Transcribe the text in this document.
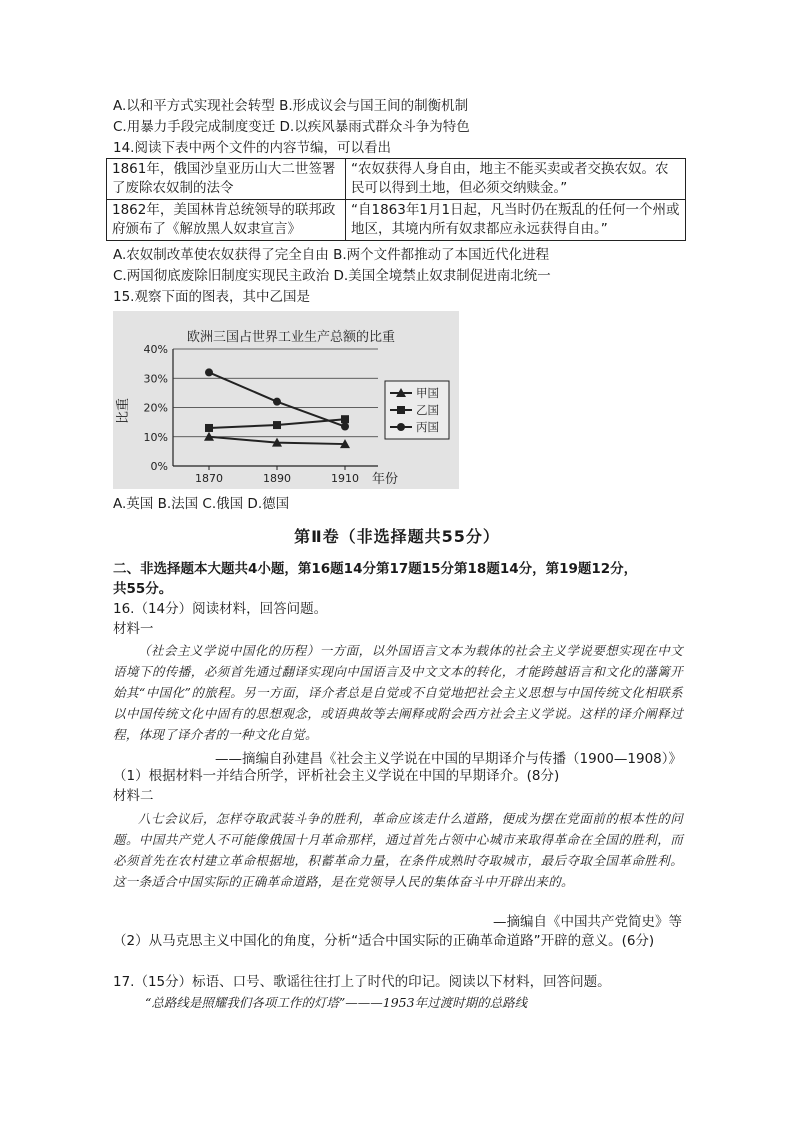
A.以和平方式实现社会转型 B.形成议会与国王间的制衡机制
C.用暴力手段完成制度变迁 D.以疾风暴雨式群众斗争为特色
14.阅读下表中两个文件的内容节编，可以看出
1861年，俄国沙皇亚历山大二世签署了废除农奴制的法令	“农奴获得人身自由，地主不能买卖或者交换农奴。农民可以得到土地，但必须交纳赎金。”
1862年，美国林肯总统领导的联邦政府颁布了《解放黑人奴隶宣言》	“自1863年1月1日起，凡当时仍在叛乱的任何一个州或地区，其境内所有奴隶都应永远获得自由。”
A.农奴制改革使农奴获得了完全自由 B.两个文件都推动了本国近代化进程
C.两国彻底废除旧制度实现民主政治 D.美国全境禁止奴隶制促进南北统一
15.观察下面的图表，其中乙国是
欧洲三国占世界工业生产总额的比重
比重
年份
0%
10%
20%
30%
40%
1870	1890	1910
甲国
乙国
丙国
A.英国 B.法国 C.俄国 D.德国
第Ⅱ卷（非选择题共55分）
二、非选择题本大题共4小题，第16题14分第17题15分第18题14分，第19题12分，
共55分。
16.（14分）阅读材料，回答问题。
材料一

（社会主义学说中国化的历程）一方面，以外国语言文本为载体的社会主义学说要想实现在中文语境下的传播，必须首先通过翻译实现向中国语言及中文文本的转化，才能跨越语言和文化的藩篱开始其“中国化”的旅程。另一方面，译介者总是自觉或不自觉地把社会主义思想与中国传统文化相联系以中国传统文化中固有的思想观念，或语典故等去阐释或附会西方社会主义学说。这样的译介阐释过程，体现了译介者的一种文化自觉。

——摘编自孙建昌《社会主义学说在中国的早期译介与传播（1900—1908）》
（1）根据材料一并结合所学，评析社会主义学说在中国的早期译介。(8分)
材料二

八七会议后，怎样夺取武装斗争的胜利，革命应该走什么道路，便成为摆在党面前的根本性的问题。中国共产党人不可能像俄国十月革命那样，通过首先占领中心城市来取得革命在全国的胜利，而必须首先在农村建立革命根据地，积蓄革命力量，在条件成熟时夺取城市，最后夺取全国革命胜利。这一条适合中国实际的正确革命道路，是在党领导人民的集体奋斗中开辟出来的。

—摘编自《中国共产党简史》等
（2）从马克思主义中国化的角度，分析“适合中国实际的正确革命道路”开辟的意义。(6分)
17.（15分）标语、口号、歌谣往往打上了时代的印记。阅读以下材料，回答问题。
“总路线是照耀我们各项工作的灯塔”———1953年过渡时期的总路线
